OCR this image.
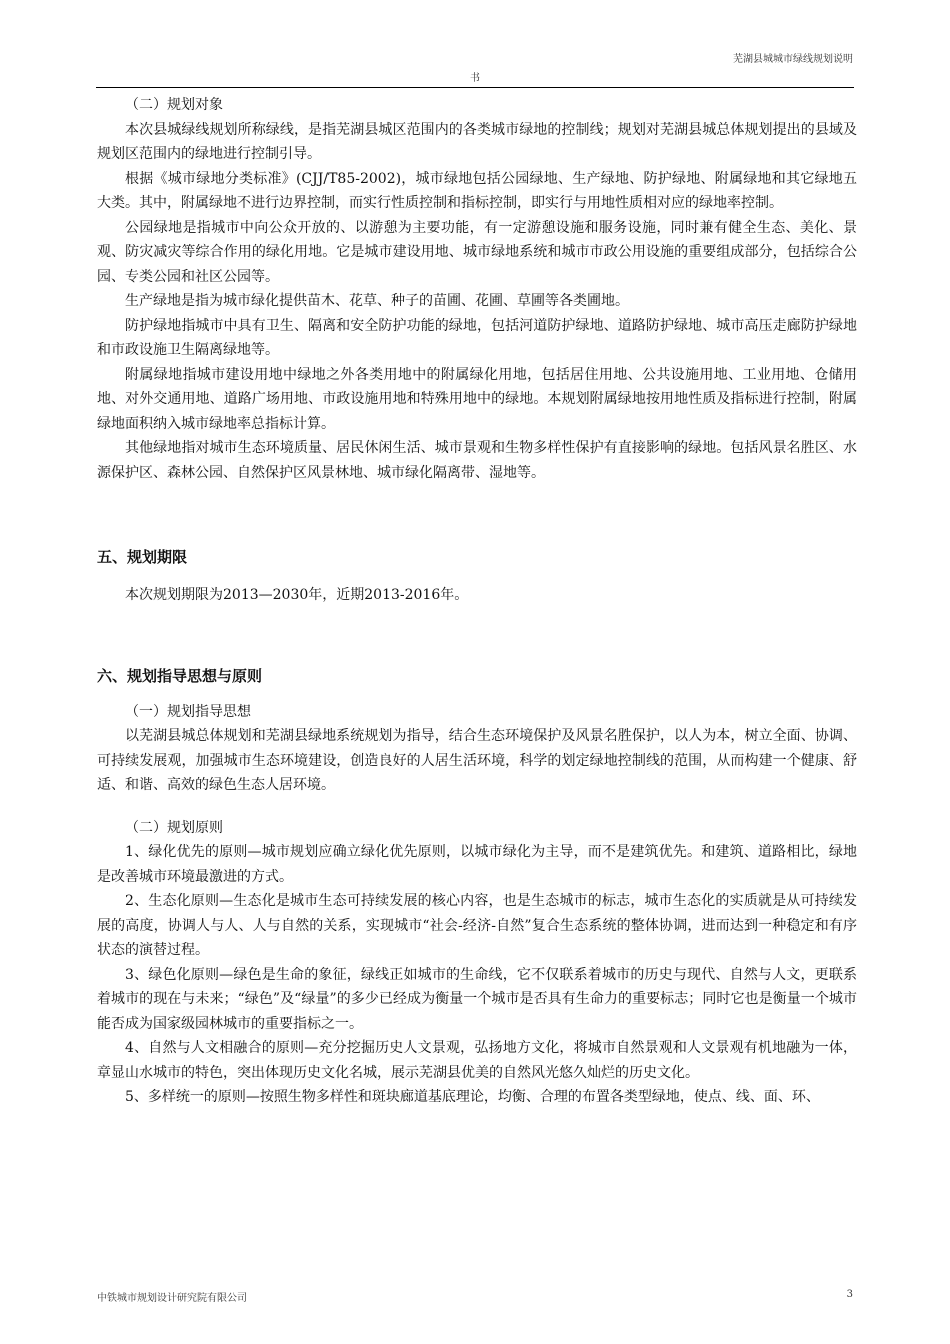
芜湖县城城市绿线规划说明
书

（二）规划对象

本次县城绿线规划所称绿线，是指芜湖县城区范围内的各类城市绿地的控制线；规划对芜湖县城总体规划提出的县域及规划区范围内的绿地进行控制引导。

根据《城市绿地分类标准》(CJJ/T85-2002)，城市绿地包括公园绿地、生产绿地、防护绿地、附属绿地和其它绿地五大类。其中，附属绿地不进行边界控制，而实行性质控制和指标控制，即实行与用地性质相对应的绿地率控制。

公园绿地是指城市中向公众开放的、以游憩为主要功能，有一定游憩设施和服务设施，同时兼有健全生态、美化、景观、防灾减灾等综合作用的绿化用地。它是城市建设用地、城市绿地系统和城市市政公用设施的重要组成部分，包括综合公园、专类公园和社区公园等。

生产绿地是指为城市绿化提供苗木、花草、种子的苗圃、花圃、草圃等各类圃地。

防护绿地指城市中具有卫生、隔离和安全防护功能的绿地，包括河道防护绿地、道路防护绿地、城市高压走廊防护绿地和市政设施卫生隔离绿地等。

附属绿地指城市建设用地中绿地之外各类用地中的附属绿化用地，包括居住用地、公共设施用地、工业用地、仓储用地、对外交通用地、道路广场用地、市政设施用地和特殊用地中的绿地。本规划附属绿地按用地性质及指标进行控制，附属绿地面积纳入城市绿地率总指标计算。

其他绿地指对城市生态环境质量、居民休闲生活、城市景观和生物多样性保护有直接影响的绿地。包括风景名胜区、水源保护区、森林公园、自然保护区风景林地、城市绿化隔离带、湿地等。

五、规划期限

本次规划期限为2013—2030年，近期2013-2016年。

六、规划指导思想与原则

（一）规划指导思想

以芜湖县城总体规划和芜湖县绿地系统规划为指导，结合生态环境保护及风景名胜保护，以人为本，树立全面、协调、可持续发展观，加强城市生态环境建设，创造良好的人居生活环境，科学的划定绿地控制线的范围，从而构建一个健康、舒适、和谐、高效的绿色生态人居环境。

（二）规划原则

1、绿化优先的原则—城市规划应确立绿化优先原则，以城市绿化为主导，而不是建筑优先。和建筑、道路相比，绿地是改善城市环境最激进的方式。

2、生态化原则—生态化是城市生态可持续发展的核心内容，也是生态城市的标志，城市生态化的实质就是从可持续发展的高度，协调人与人、人与自然的关系，实现城市“社会-经济-自然”复合生态系统的整体协调，进而达到一种稳定和有序状态的演替过程。

3、绿色化原则—绿色是生命的象征，绿线正如城市的生命线，它不仅联系着城市的历史与现代、自然与人文，更联系着城市的现在与未来；“绿色”及“绿量”的多少已经成为衡量一个城市是否具有生命力的重要标志；同时它也是衡量一个城市能否成为国家级园林城市的重要指标之一。

4、自然与人文相融合的原则—充分挖掘历史人文景观，弘扬地方文化，将城市自然景观和人文景观有机地融为一体，章显山水城市的特色，突出体现历史文化名城，展示芜湖县优美的自然风光悠久灿烂的历史文化。

5、多样统一的原则—按照生物多样性和斑块廊道基底理论，均衡、合理的布置各类型绿地，使点、线、面、环、

中铁城市规划设计研究院有限公司	3
